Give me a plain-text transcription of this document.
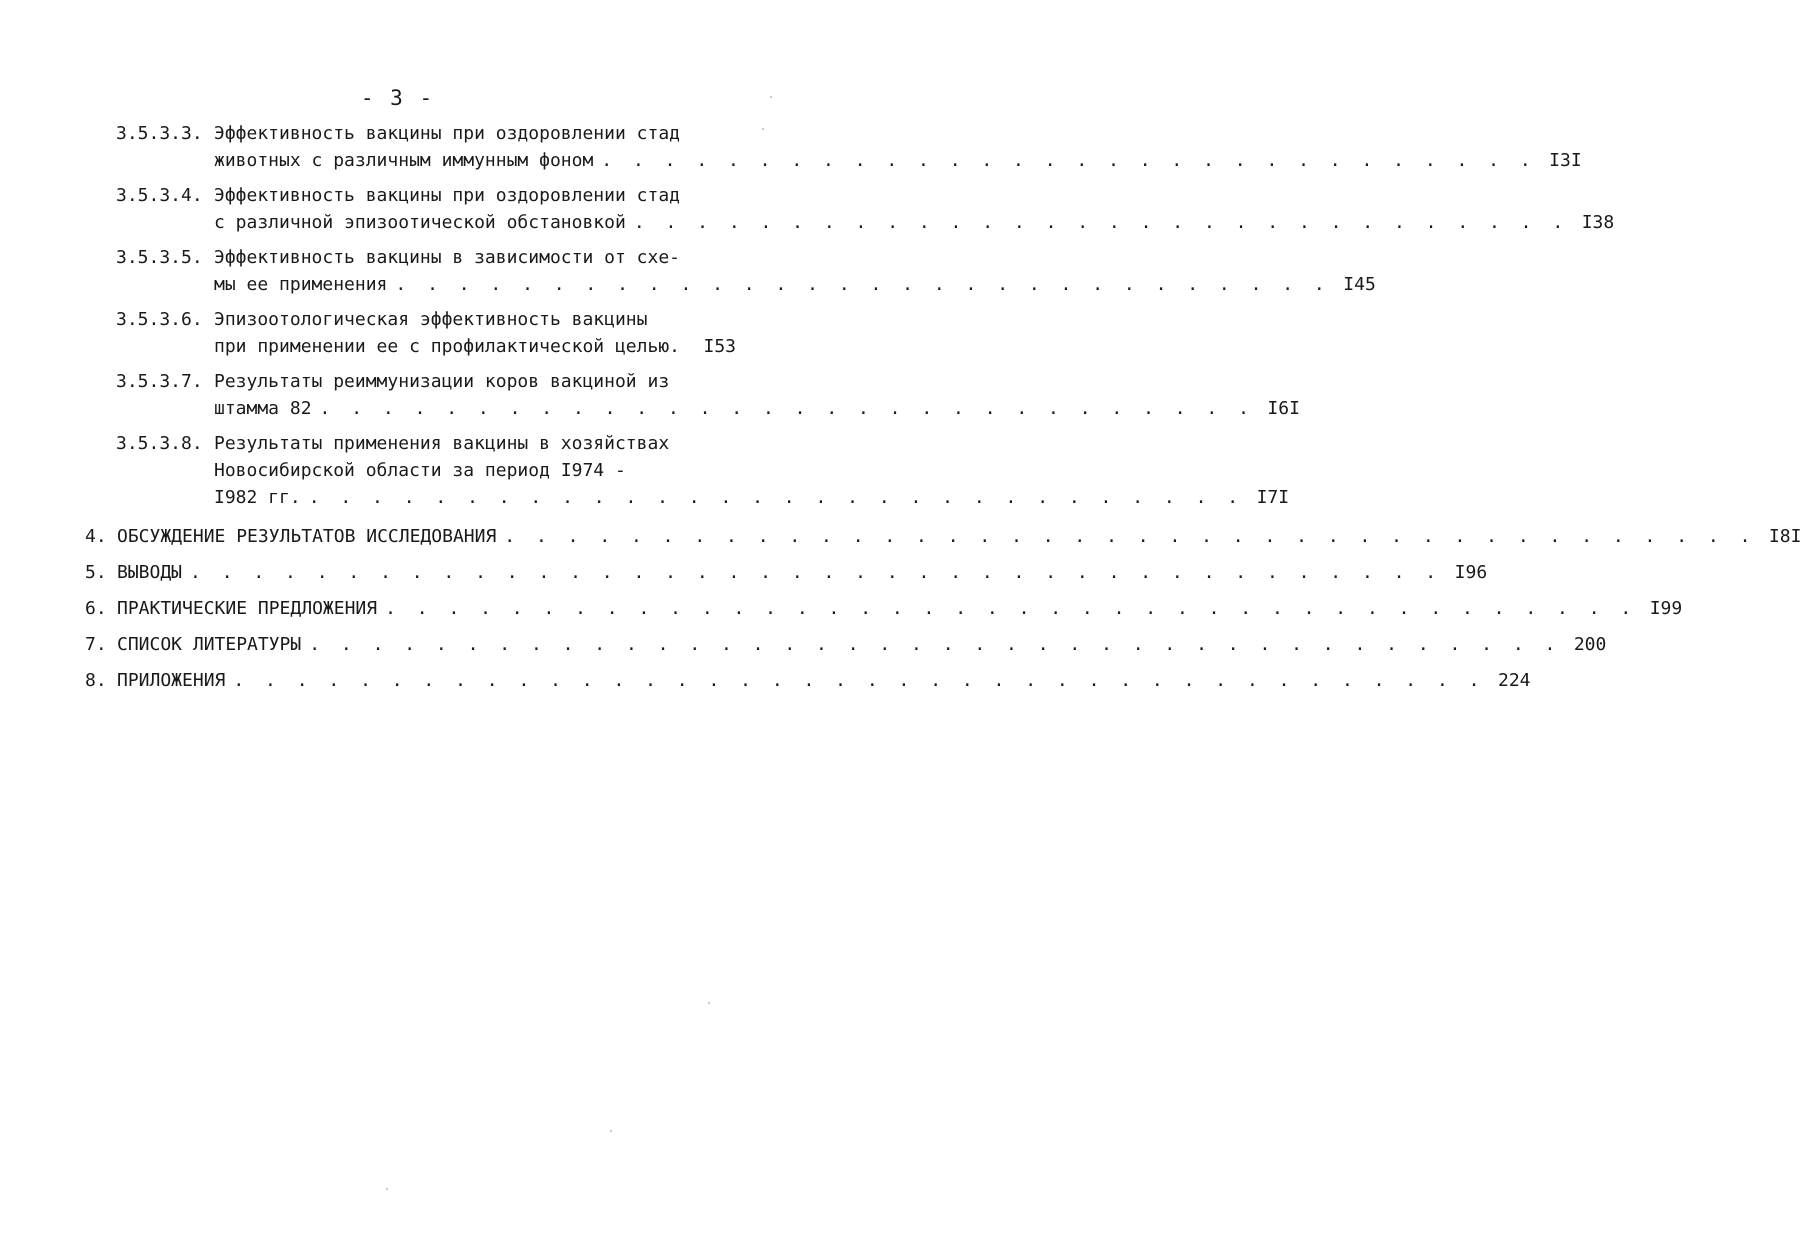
- 3 -
3.5.3.3. Эффективность вакцины при оздоровлении стад
животных с различным иммунным фоном . . . . . . . . . . . . . . . . . . . . . . . . . . . . . . I3I
3.5.3.4. Эффективность вакцины при оздоровлении стад
с различной эпизоотической обстановкой . . . . . . . . . . . . . . . . . . . . . . . . . . . . . . I38
3.5.3.5. Эффективность вакцины в зависимости от схе-
мы ее применения . . . . . . . . . . . . . . . . . . . . . . . . . . . . . . I45
3.5.3.6. Эпизоотологическая эффективность вакцины
при применении ее с профилактической целью.	I53
3.5.3.7. Результаты реиммунизации коров вакциной из
штамма 82 . . . . . . . . . . . . . . . . . . . . . . . . . . . . . . I6I
3.5.3.8. Результаты применения вакцины в хозяйствах
Новосибирской области за период I974 -
I982 гг. . . . . . . . . . . . . . . . . . . . . . . . . . . . . . . I7I
4. ОБСУЖДЕНИЕ РЕЗУЛЬТАТОВ ИССЛЕДОВАНИЯ . . . . . . . . . . . . . . . . . . . . . . . . . . . . . . . . . . . . . . . . I8I
5. ВЫВОДЫ . . . . . . . . . . . . . . . . . . . . . . . . . . . . . . . . . . . . . . . . I96
6. ПРАКТИЧЕСКИЕ ПРЕДЛОЖЕНИЯ . . . . . . . . . . . . . . . . . . . . . . . . . . . . . . . . . . . . . . . . I99
7. СПИСОК ЛИТЕРАТУРЫ . . . . . . . . . . . . . . . . . . . . . . . . . . . . . . . . . . . . . . . . 200
8. ПРИЛОЖЕНИЯ . . . . . . . . . . . . . . . . . . . . . . . . . . . . . . . . . . . . . . . . 224
